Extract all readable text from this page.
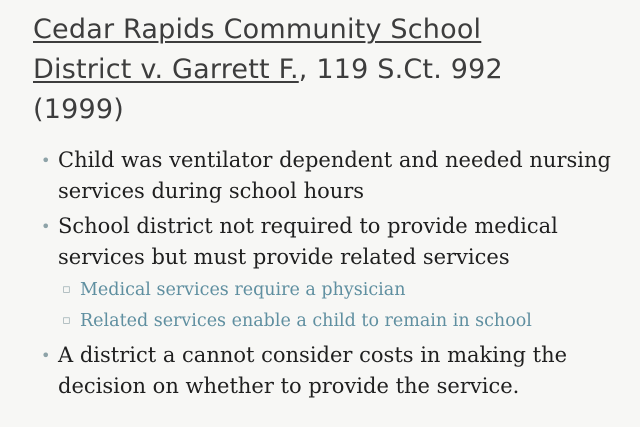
Cedar Rapids Community School
District v. Garrett F., 119 S.Ct. 992
(1999)
• Child was ventilator dependent and needed nursing services during school hours
• School district not required to provide medical services but must provide related services
▫ Medical services require a physician
▫ Related services enable a child to remain in school
• A district a cannot consider costs in making the decision on whether to provide the service.
